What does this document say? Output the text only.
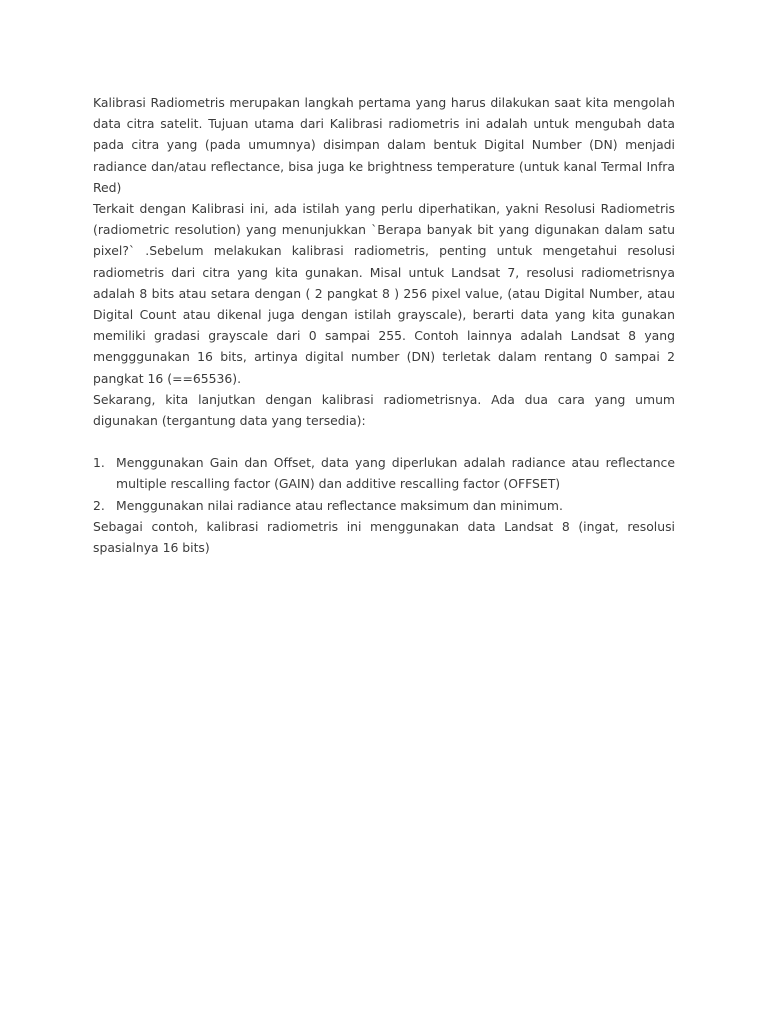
Kalibrasi Radiometris merupakan langkah pertama yang harus dilakukan saat kita mengolah data citra satelit. Tujuan utama dari Kalibrasi radiometris ini adalah untuk mengubah data pada citra yang (pada umumnya) disimpan dalam bentuk Digital Number (DN) menjadi radiance dan/atau reflectance, bisa juga ke brightness temperature (untuk kanal Termal Infra Red)

Terkait dengan Kalibrasi ini, ada istilah yang perlu diperhatikan, yakni Resolusi Radiometris (radiometric resolution) yang menunjukkan `Berapa banyak bit yang digunakan dalam satu pixel?` .Sebelum melakukan kalibrasi radiometris, penting untuk mengetahui resolusi radiometris dari citra yang kita gunakan. Misal untuk Landsat 7, resolusi radiometrisnya adalah 8 bits atau setara dengan ( 2 pangkat 8 ) 256 pixel value, (atau Digital Number, atau Digital Count atau dikenal juga dengan istilah grayscale), berarti data yang kita gunakan memiliki gradasi grayscale dari 0 sampai 255. Contoh lainnya adalah Landsat 8 yang mengggunakan 16 bits, artinya digital number (DN) terletak dalam rentang 0 sampai 2 pangkat 16 (==65536).

Sekarang, kita lanjutkan dengan kalibrasi radiometrisnya. Ada dua cara yang umum digunakan (tergantung data yang tersedia):

1. Menggunakan Gain dan Offset, data yang diperlukan adalah radiance atau reflectance multiple rescalling factor (GAIN) dan additive rescalling factor (OFFSET)
2. Menggunakan nilai radiance atau reflectance maksimum dan minimum.

Sebagai contoh, kalibrasi radiometris ini menggunakan data Landsat 8 (ingat, resolusi spasialnya 16 bits)
